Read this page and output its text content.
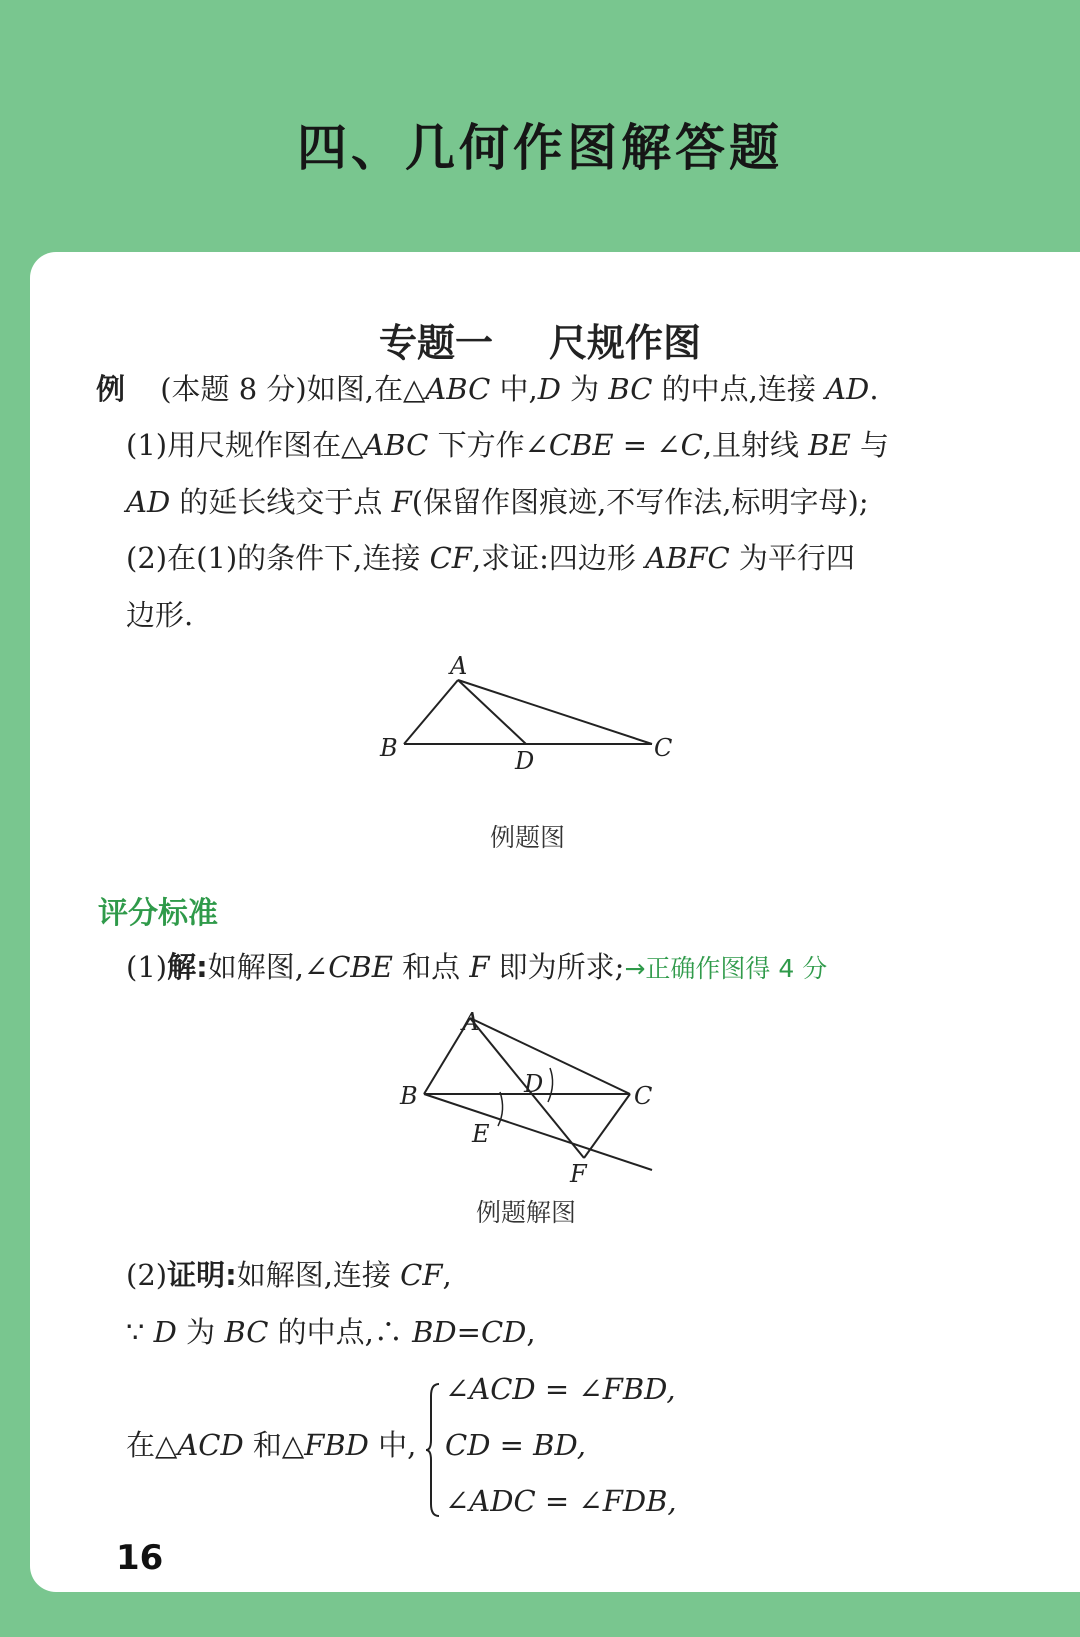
四、几何作图解答题
专题一 尺规作图
例 (本题 8 分)如图,在△ABC 中,D 为 BC 的中点,连接 AD.
(1)用尺规作图在△ABC 下方作∠CBE = ∠C,且射线 BE 与
AD 的延长线交于点 F(保留作图痕迹,不写作法,标明字母);
(2)在(1)的条件下,连接 CF,求证:四边形 ABFC 为平行四
边形.
A
B	C
D
例题图
评分标准
(1)解:如解图,∠CBE 和点 F 即为所求;→正确作图得 4 分
A
B	C
D
E
F
例题解图
(2)证明:如解图,连接 CF,
∵ D 为 BC 的中点,∴ BD=CD,
在△ACD 和△FBD 中,
∠ACD = ∠FBD,
CD = BD,
∠ADC = ∠FDB,
16
